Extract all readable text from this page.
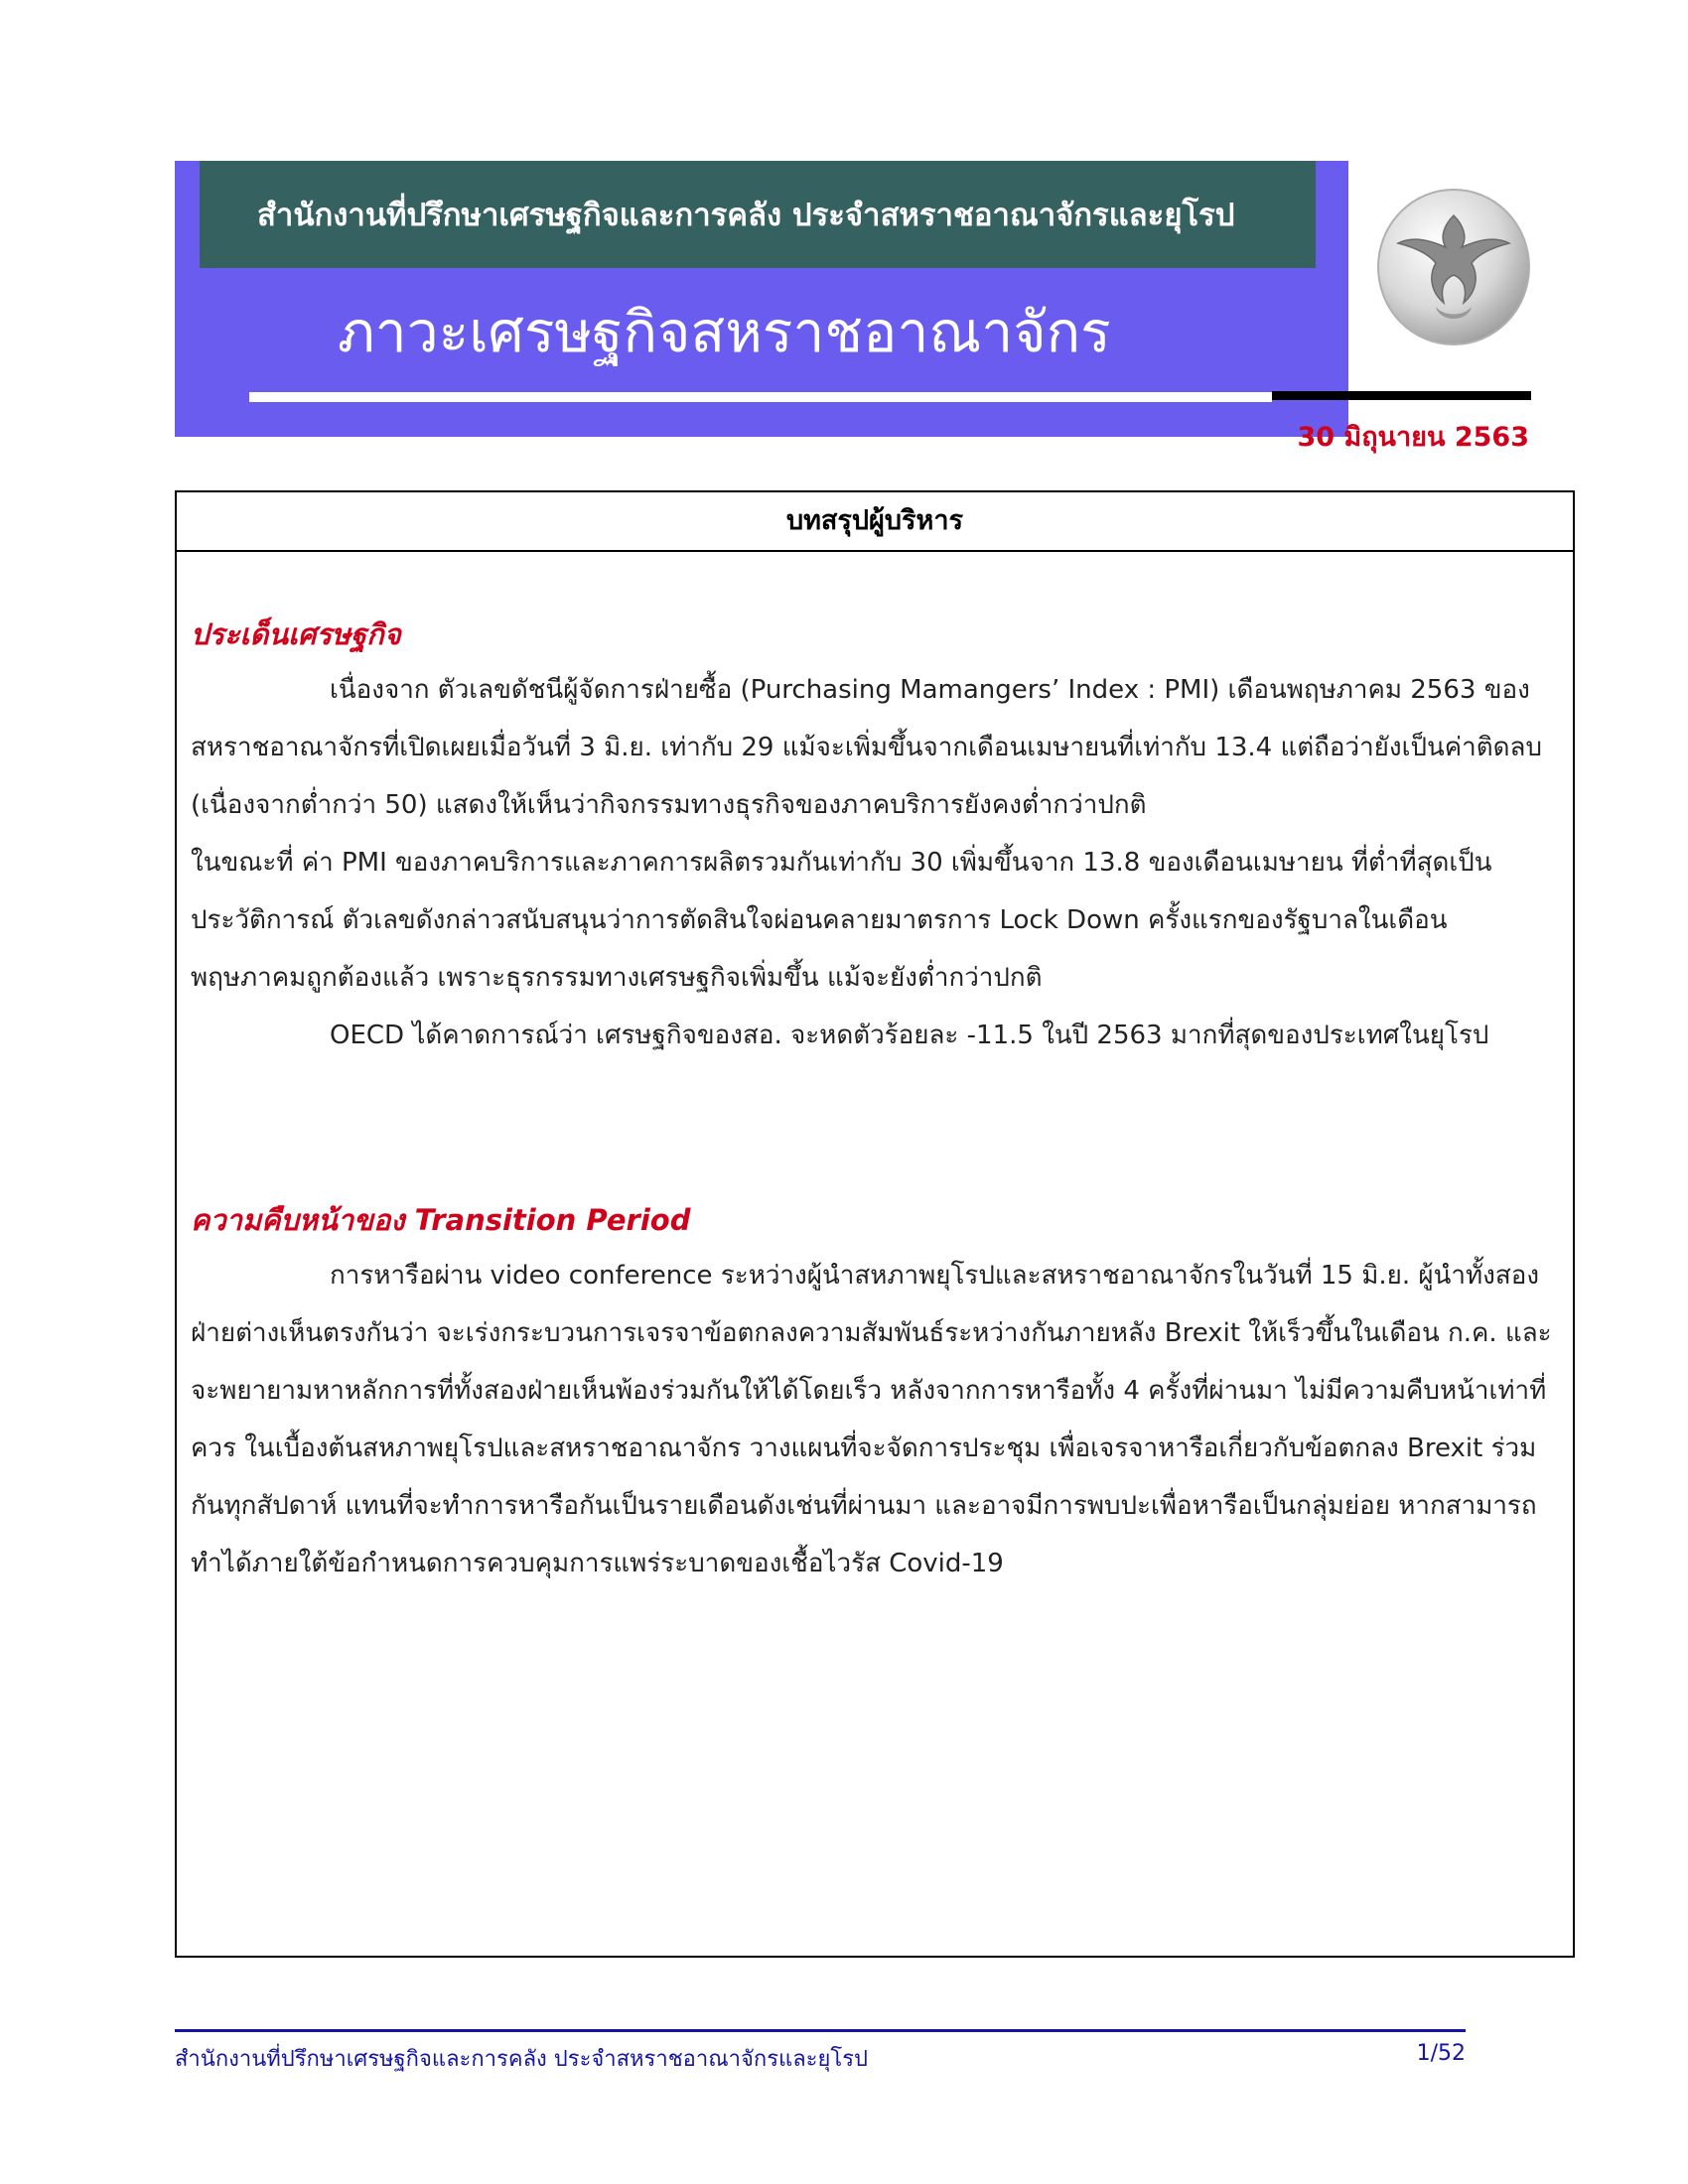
สำนักงานที่ปรึกษาเศรษฐกิจและการคลัง ประจำสหราชอาณาจักรและยุโรป
ภาวะเศรษฐกิจสหราชอาณาจักร
30 มิถุนายน 2563
บทสรุปผู้บริหาร
ประเด็นเศรษฐกิจ

เนื่องจาก ตัวเลขดัชนีผู้จัดการฝ่ายซื้อ (Purchasing Mamangers’ Index : PMI) เดือนพฤษภาคม 2563 ของสหราชอาณาจักรที่เปิดเผยเมื่อวันที่ 3 มิ.ย. เท่ากับ 29 แม้จะเพิ่มขึ้นจากเดือนเมษายนที่เท่ากับ 13.4 แต่ถือว่ายังเป็นค่าติดลบ (เนื่องจากต่ำกว่า 50) แสดงให้เห็นว่ากิจกรรมทางธุรกิจของภาคบริการยังคงต่ำกว่าปกติ

ในขณะที่ ค่า PMI ของภาคบริการและภาคการผลิตรวมกันเท่ากับ 30 เพิ่มขึ้นจาก 13.8 ของเดือนเมษายน ที่ต่ำที่สุดเป็นประวัติการณ์ ตัวเลขดังกล่าวสนับสนุนว่าการตัดสินใจผ่อนคลายมาตรการ Lock Down ครั้งแรกของรัฐบาลในเดือนพฤษภาคมถูกต้องแล้ว เพราะธุรกรรมทางเศรษฐกิจเพิ่มขึ้น แม้จะยังต่ำกว่าปกติ

OECD ได้คาดการณ์ว่า เศรษฐกิจของสอ. จะหดตัวร้อยละ -11.5 ในปี 2563 มากที่สุดของประเทศในยุโรป

ความคืบหน้าของ Transition Period

การหารือผ่าน video conference ระหว่างผู้นำสหภาพยุโรปและสหราชอาณาจักรในวันที่ 15 มิ.ย. ผู้นำทั้งสองฝ่ายต่างเห็นตรงกันว่า จะเร่งกระบวนการเจรจาข้อตกลงความสัมพันธ์ระหว่างกันภายหลัง Brexit ให้เร็วขึ้นในเดือน ก.ค. และจะพยายามหาหลักการที่ทั้งสองฝ่ายเห็นพ้องร่วมกันให้ได้โดยเร็ว หลังจากการหารือทั้ง 4 ครั้งที่ผ่านมา ไม่มีความคืบหน้าเท่าที่ควร ในเบื้องต้นสหภาพยุโรปและสหราชอาณาจักร วางแผนที่จะจัดการประชุม เพื่อเจรจาหารือเกี่ยวกับข้อตกลง Brexit ร่วมกันทุกสัปดาห์ แทนที่จะทำการหารือกันเป็นรายเดือนดังเช่นที่ผ่านมา และอาจมีการพบปะเพื่อหารือเป็นกลุ่มย่อย หากสามารถทำได้ภายใต้ข้อกำหนดการควบคุมการแพร่ระบาดของเชื้อไวรัส Covid-19

สำนักงานที่ปรึกษาเศรษฐกิจและการคลัง ประจำสหราชอาณาจักรและยุโรป	1/52
